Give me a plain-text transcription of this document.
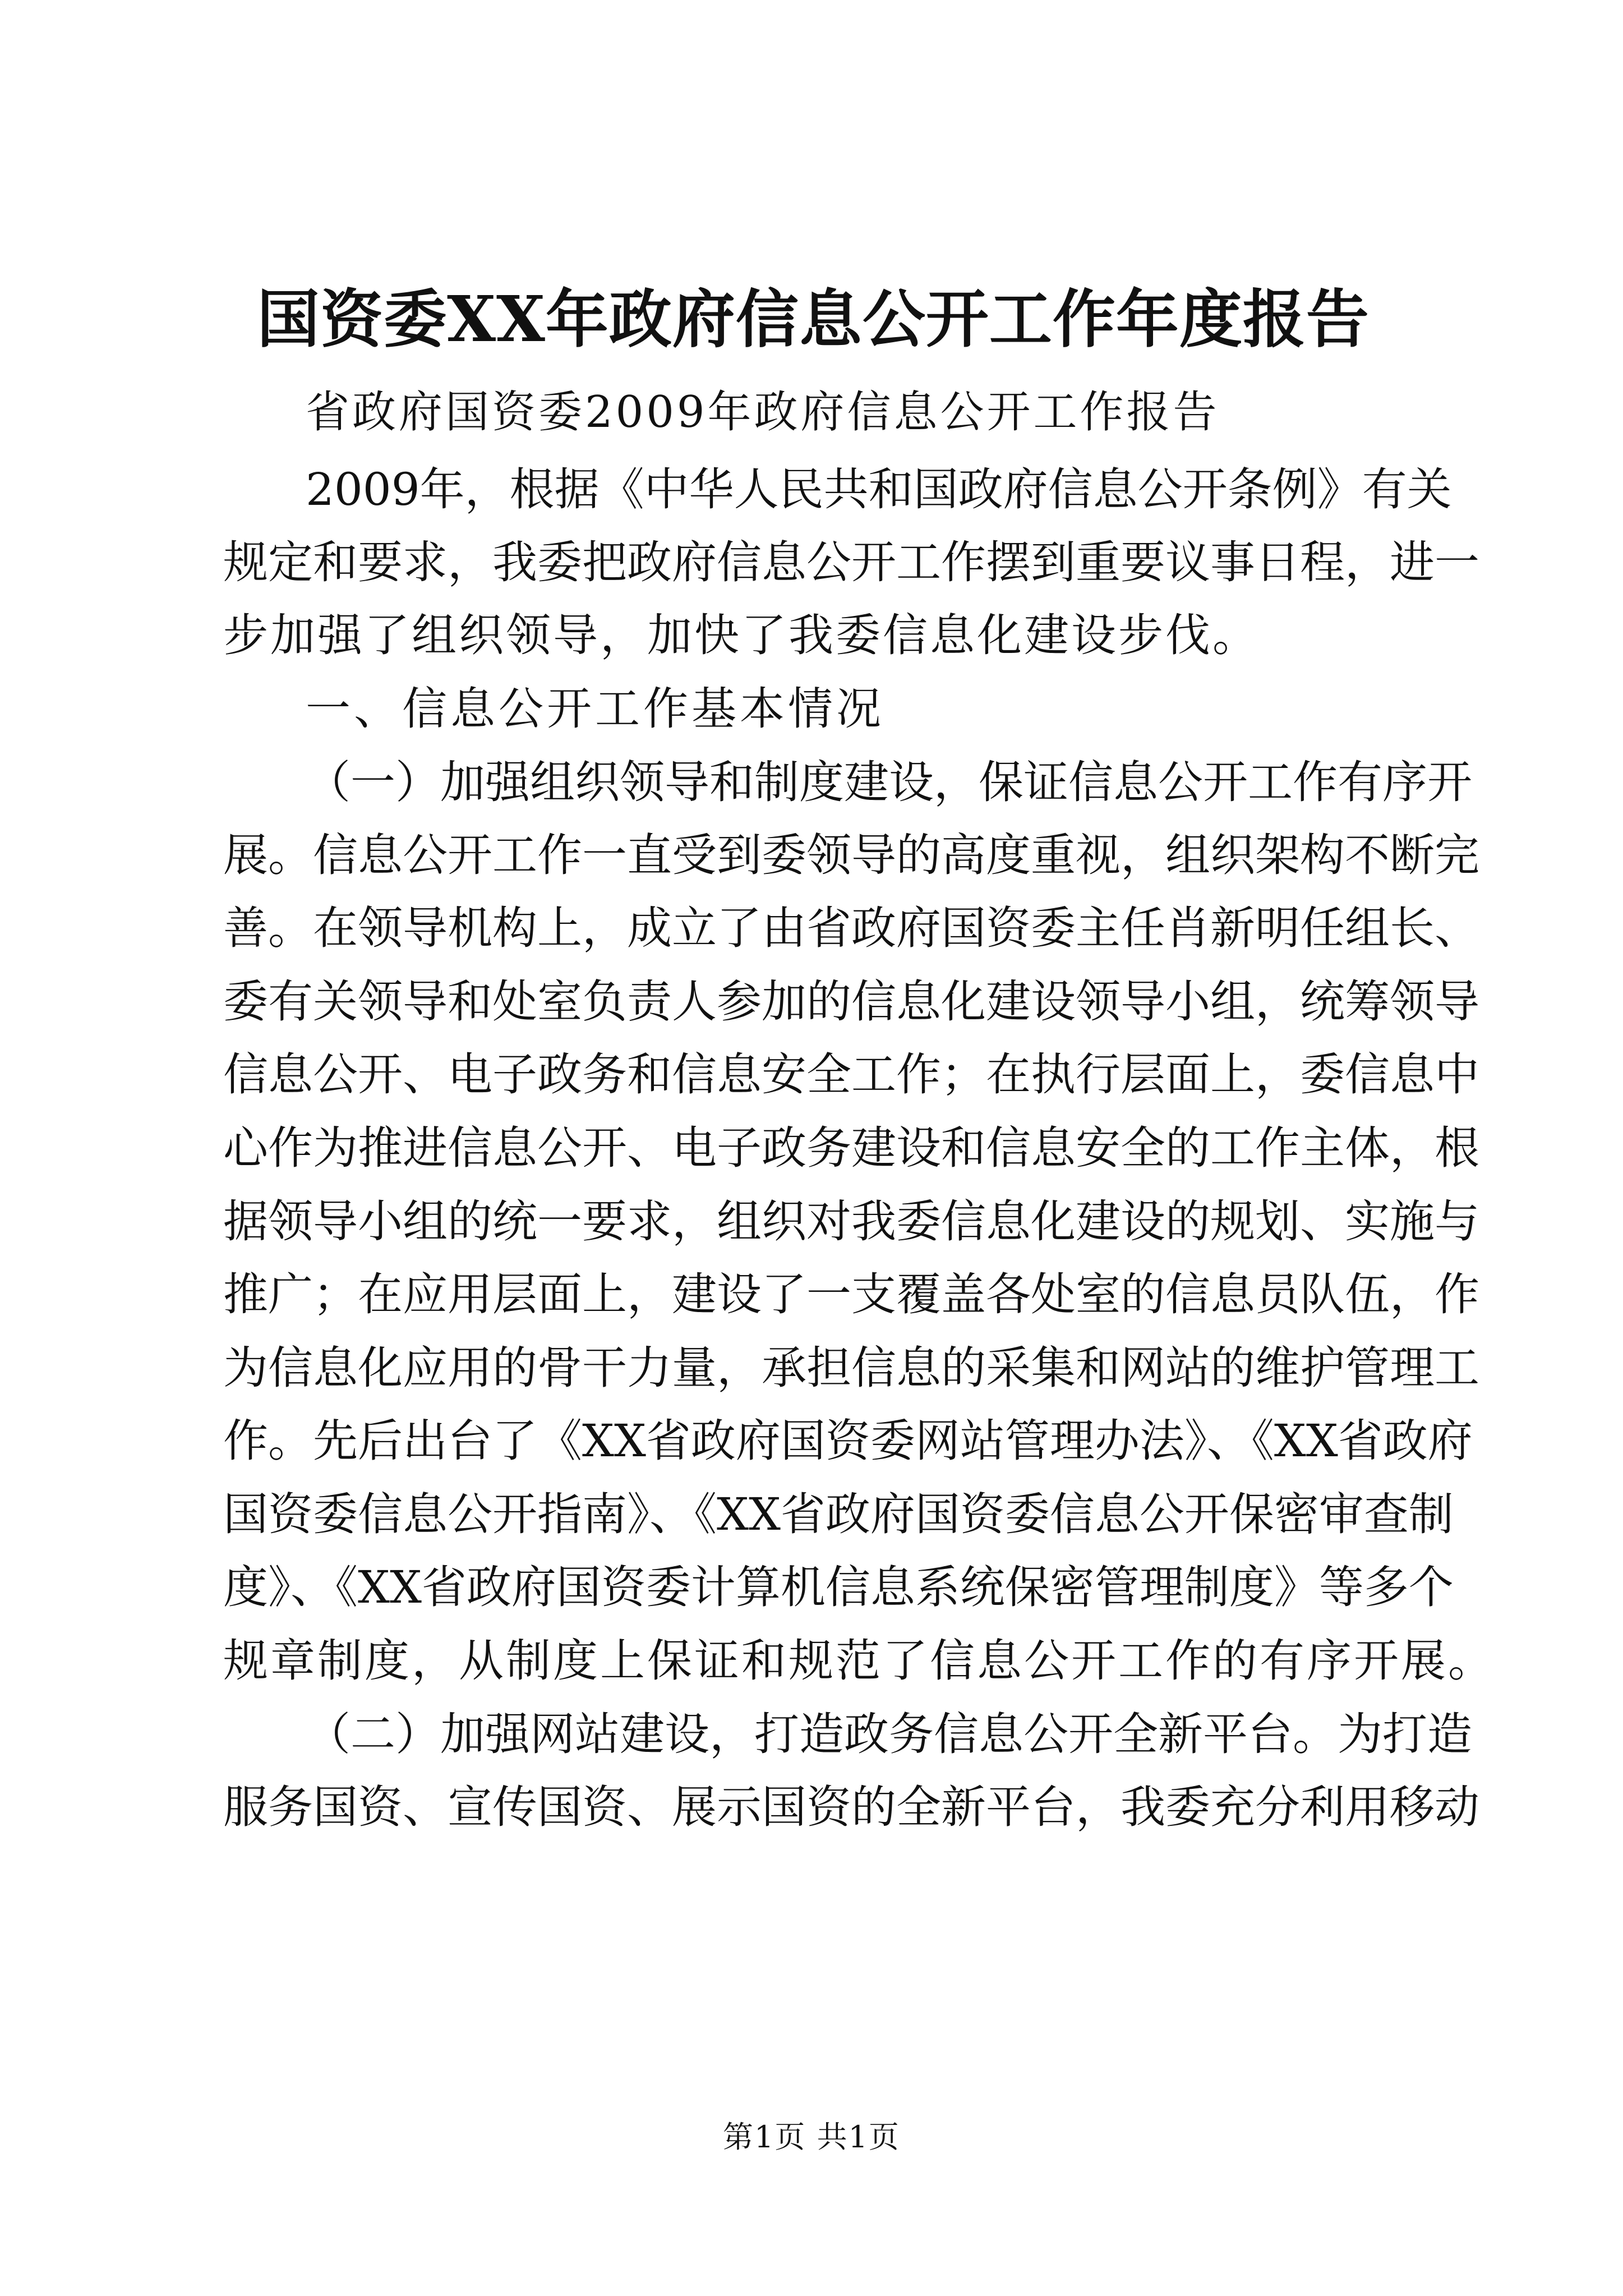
国资委XX年政府信息公开工作年度报告
省政府国资委2009年政府信息公开工作报告
2009年，根据《中华人民共和国政府信息公开条例》有关
规定和要求，我委把政府信息公开工作摆到重要议事日程，进一
步加强了组织领导，加快了我委信息化建设步伐。
一、信息公开工作基本情况
（一）加强组织领导和制度建设，保证信息公开工作有序开
展。信息公开工作一直受到委领导的高度重视，组织架构不断完
善。在领导机构上，成立了由省政府国资委主任肖新明任组长、
委有关领导和处室负责人参加的信息化建设领导小组，统筹领导
信息公开、电子政务和信息安全工作；在执行层面上，委信息中
心作为推进信息公开、电子政务建设和信息安全的工作主体，根
据领导小组的统一要求，组织对我委信息化建设的规划、实施与
推广；在应用层面上，建设了一支覆盖各处室的信息员队伍，作
为信息化应用的骨干力量，承担信息的采集和网站的维护管理工
作。先后出台了《XX省政府国资委网站管理办法》、《XX省政府
国资委信息公开指南》、《XX省政府国资委信息公开保密审查制
度》、《XX省政府国资委计算机信息系统保密管理制度》等多个
规章制度，从制度上保证和规范了信息公开工作的有序开展。
（二）加强网站建设，打造政务信息公开全新平台。为打造
服务国资、宣传国资、展示国资的全新平台，我委充分利用移动
第1页 共1页
